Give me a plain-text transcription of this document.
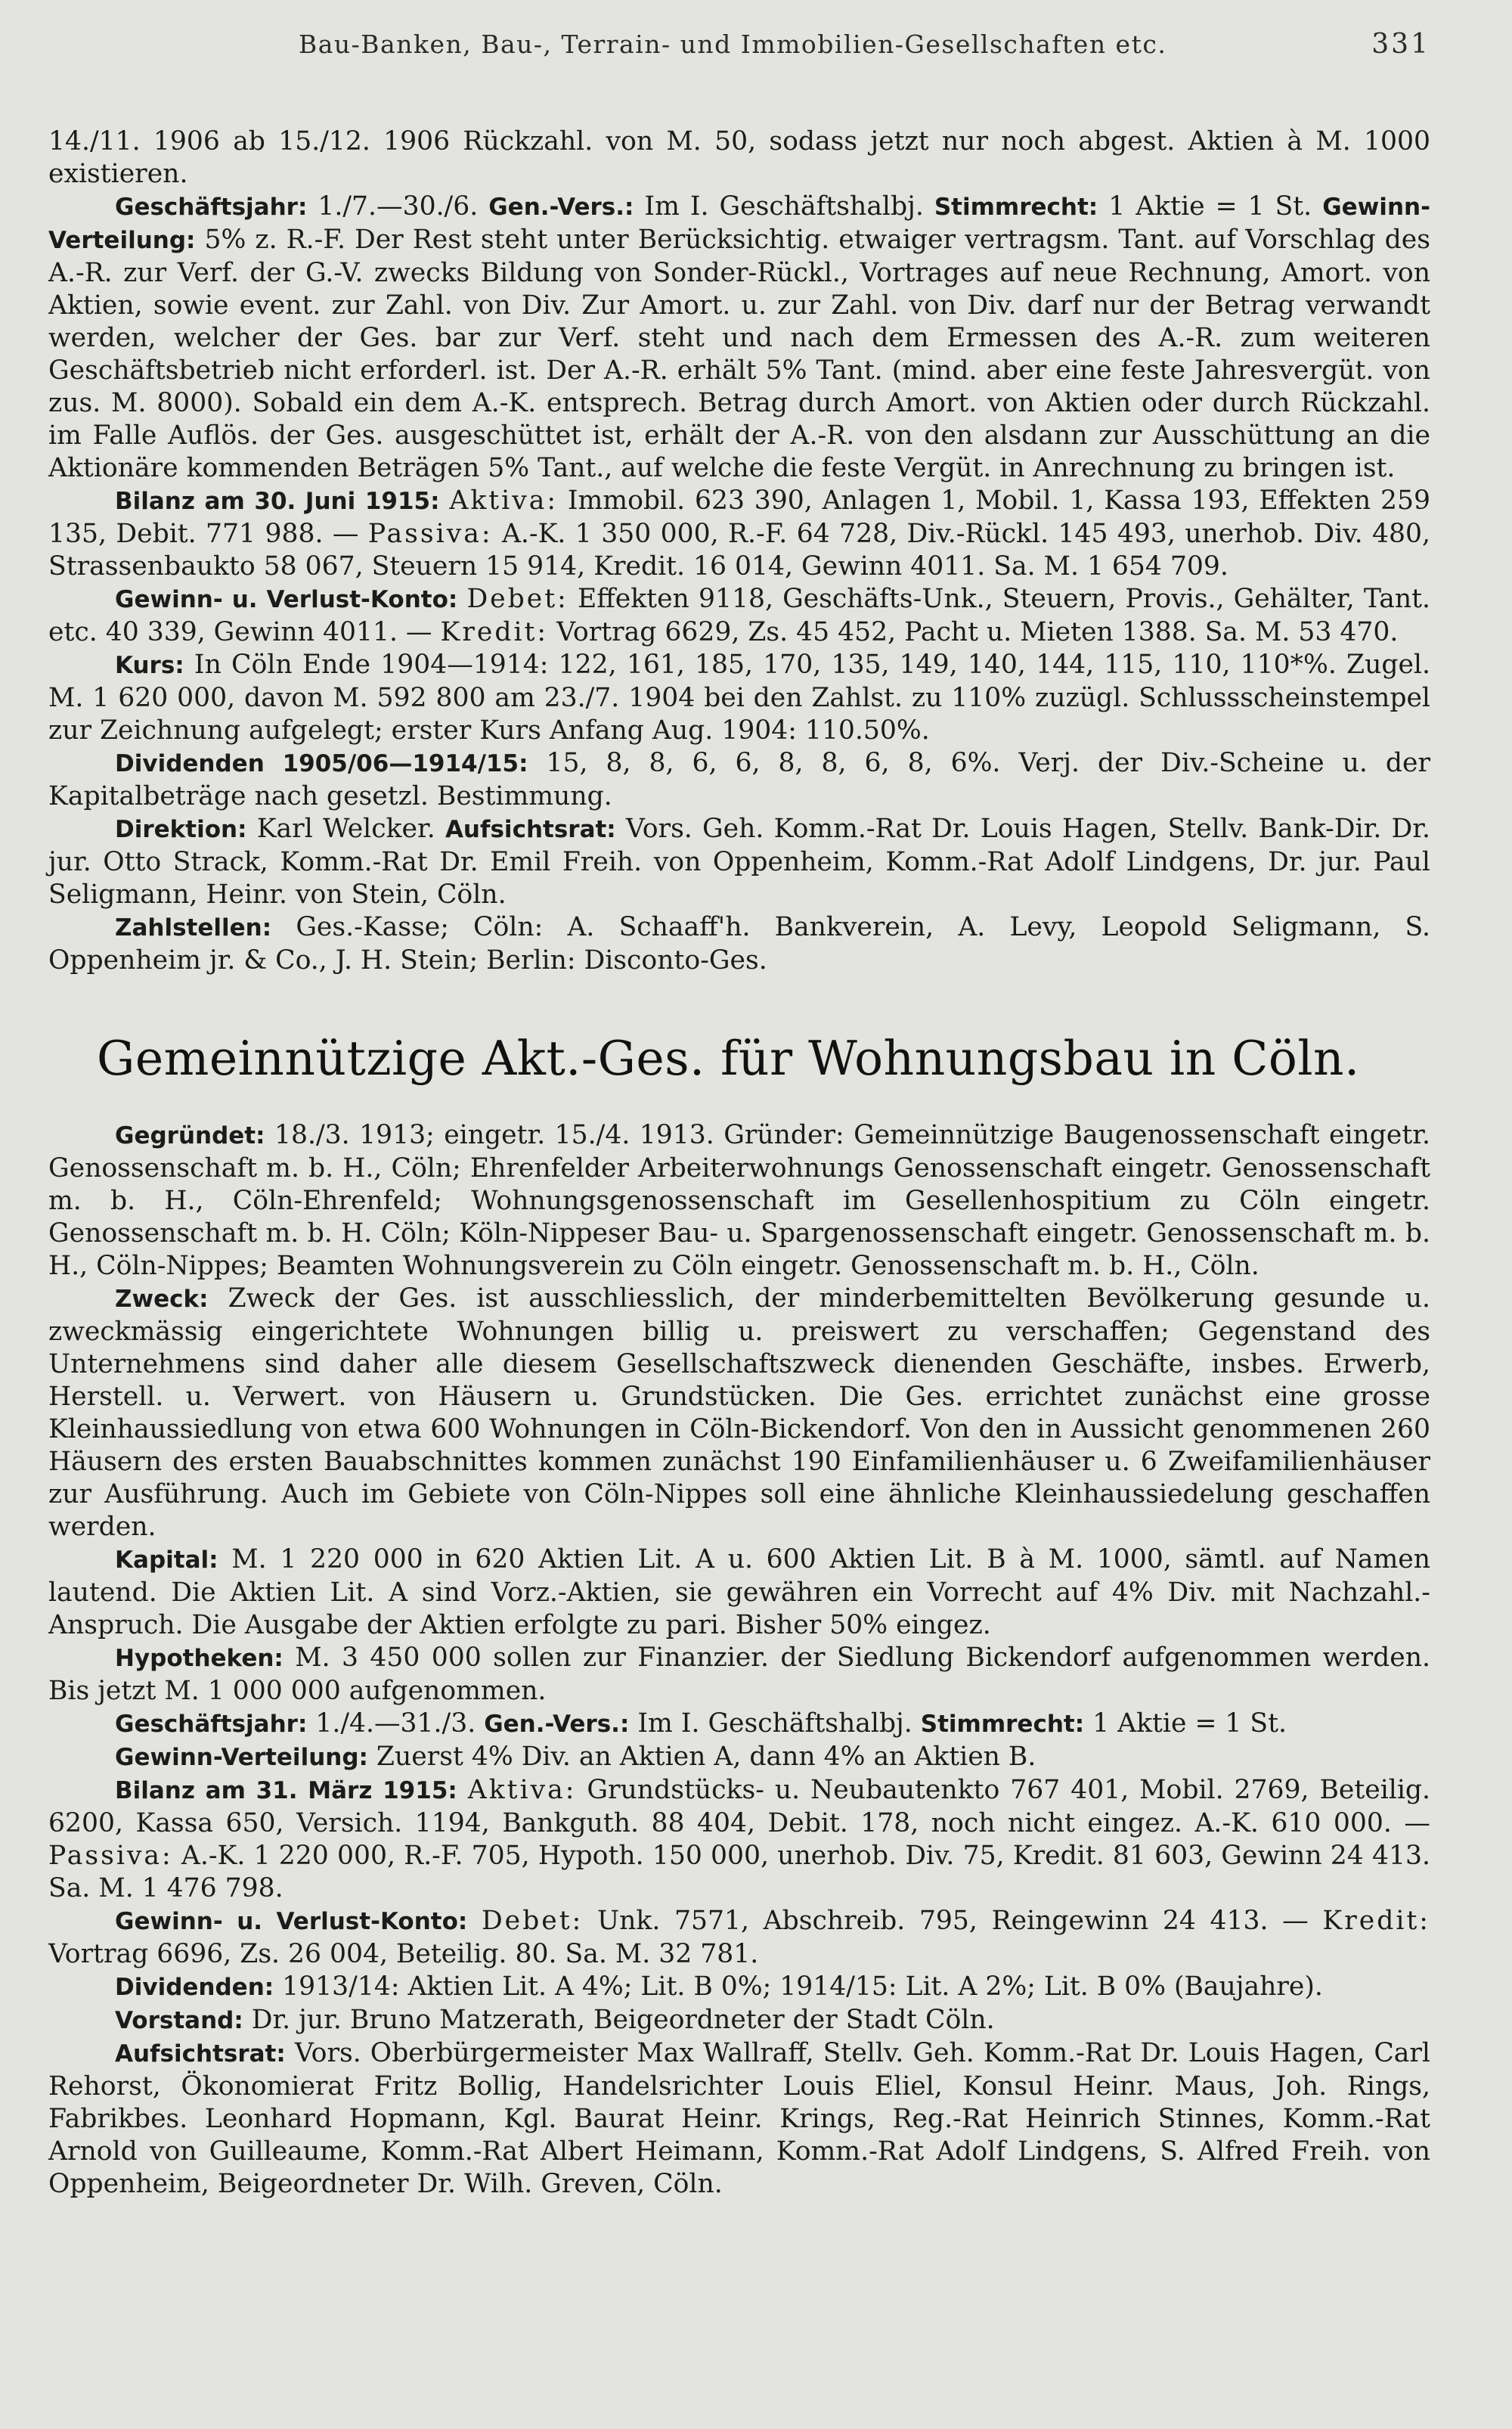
Bau-Banken, Bau-, Terrain- und Immobilien-Gesellschaften etc.	331

14./11. 1906 ab 15./12. 1906 Rückzahl. von M. 50, sodass jetzt nur noch abgest. Aktien à M. 1000 existieren.

Geschäftsjahr: 1./7.—30./6. Gen.-Vers.: Im I. Geschäftshalbj. Stimmrecht: 1 Aktie = 1 St. Gewinn-Verteilung: 5% z. R.-F. Der Rest steht unter Berücksichtig. etwaiger vertragsm. Tant. auf Vorschlag des A.-R. zur Verf. der G.-V. zwecks Bildung von Sonder-Rückl., Vortrages auf neue Rechnung, Amort. von Aktien, sowie event. zur Zahl. von Div. Zur Amort. u. zur Zahl. von Div. darf nur der Betrag verwandt werden, welcher der Ges. bar zur Verf. steht und nach dem Ermessen des A.-R. zum weiteren Geschäftsbetrieb nicht erforderl. ist. Der A.-R. erhält 5% Tant. (mind. aber eine feste Jahresvergüt. von zus. M. 8000). Sobald ein dem A.-K. entsprech. Betrag durch Amort. von Aktien oder durch Rückzahl. im Falle Auflös. der Ges. ausgeschüttet ist, erhält der A.-R. von den alsdann zur Ausschüttung an die Aktionäre kommenden Beträgen 5% Tant., auf welche die feste Vergüt. in Anrechnung zu bringen ist.

Bilanz am 30. Juni 1915: Aktiva: Immobil. 623 390, Anlagen 1, Mobil. 1, Kassa 193, Effekten 259 135, Debit. 771 988. — Passiva: A.-K. 1 350 000, R.-F. 64 728, Div.-Rückl. 145 493, unerhob. Div. 480, Strassenbaukto 58 067, Steuern 15 914, Kredit. 16 014, Gewinn 4011. Sa. M. 1 654 709.

Gewinn- u. Verlust-Konto: Debet: Effekten 9118, Geschäfts-Unk., Steuern, Provis., Gehälter, Tant. etc. 40 339, Gewinn 4011. — Kredit: Vortrag 6629, Zs. 45 452, Pacht u. Mieten 1388. Sa. M. 53 470.

Kurs: In Cöln Ende 1904—1914: 122, 161, 185, 170, 135, 149, 140, 144, 115, 110, 110*%. Zugel. M. 1 620 000, davon M. 592 800 am 23./7. 1904 bei den Zahlst. zu 110% zuzügl. Schlussscheinstempel zur Zeichnung aufgelegt; erster Kurs Anfang Aug. 1904: 110.50%.

Dividenden 1905/06—1914/15: 15, 8, 8, 6, 6, 8, 8, 6, 8, 6%. Verj. der Div.-Scheine u. der Kapitalbeträge nach gesetzl. Bestimmung.

Direktion: Karl Welcker. Aufsichtsrat: Vors. Geh. Komm.-Rat Dr. Louis Hagen, Stellv. Bank-Dir. Dr. jur. Otto Strack, Komm.-Rat Dr. Emil Freih. von Oppenheim, Komm.-Rat Adolf Lindgens, Dr. jur. Paul Seligmann, Heinr. von Stein, Cöln.

Zahlstellen: Ges.-Kasse; Cöln: A. Schaaff'h. Bankverein, A. Levy, Leopold Seligmann, S. Oppenheim jr. & Co., J. H. Stein; Berlin: Disconto-Ges.

Gemeinnützige Akt.-Ges. für Wohnungsbau in Cöln.

Gegründet: 18./3. 1913; eingetr. 15./4. 1913. Gründer: Gemeinnützige Baugenossenschaft eingetr. Genossenschaft m. b. H., Cöln; Ehrenfelder Arbeiterwohnungs Genossenschaft eingetr. Genossenschaft m. b. H., Cöln-Ehrenfeld; Wohnungsgenossenschaft im Gesellenhospitium zu Cöln eingetr. Genossenschaft m. b. H. Cöln; Köln-Nippeser Bau- u. Spargenossenschaft eingetr. Genossenschaft m. b. H., Cöln-Nippes; Beamten Wohnungsverein zu Cöln eingetr. Genossenschaft m. b. H., Cöln.

Zweck: Zweck der Ges. ist ausschliesslich, der minderbemittelten Bevölkerung gesunde u. zweckmässig eingerichtete Wohnungen billig u. preiswert zu verschaffen; Gegenstand des Unternehmens sind daher alle diesem Gesellschaftszweck dienenden Geschäfte, insbes. Erwerb, Herstell. u. Verwert. von Häusern u. Grundstücken. Die Ges. errichtet zunächst eine grosse Kleinhaussiedlung von etwa 600 Wohnungen in Cöln-Bickendorf. Von den in Aussicht genommenen 260 Häusern des ersten Bauabschnittes kommen zunächst 190 Einfamilienhäuser u. 6 Zweifamilienhäuser zur Ausführung. Auch im Gebiete von Cöln-Nippes soll eine ähnliche Kleinhaussiedelung geschaffen werden.

Kapital: M. 1 220 000 in 620 Aktien Lit. A u. 600 Aktien Lit. B à M. 1000, sämtl. auf Namen lautend. Die Aktien Lit. A sind Vorz.-Aktien, sie gewähren ein Vorrecht auf 4% Div. mit Nachzahl.-Anspruch. Die Ausgabe der Aktien erfolgte zu pari. Bisher 50% eingez.

Hypotheken: M. 3 450 000 sollen zur Finanzier. der Siedlung Bickendorf aufgenommen werden. Bis jetzt M. 1 000 000 aufgenommen.

Geschäftsjahr: 1./4.—31./3. Gen.-Vers.: Im I. Geschäftshalbj. Stimmrecht: 1 Aktie = 1 St.

Gewinn-Verteilung: Zuerst 4% Div. an Aktien A, dann 4% an Aktien B.

Bilanz am 31. März 1915: Aktiva: Grundstücks- u. Neubautenkto 767 401, Mobil. 2769, Beteilig. 6200, Kassa 650, Versich. 1194, Bankguth. 88 404, Debit. 178, noch nicht eingez. A.-K. 610 000. — Passiva: A.-K. 1 220 000, R.-F. 705, Hypoth. 150 000, unerhob. Div. 75, Kredit. 81 603, Gewinn 24 413. Sa. M. 1 476 798.

Gewinn- u. Verlust-Konto: Debet: Unk. 7571, Abschreib. 795, Reingewinn 24 413. — Kredit: Vortrag 6696, Zs. 26 004, Beteilig. 80. Sa. M. 32 781.

Dividenden: 1913/14: Aktien Lit. A 4%; Lit. B 0%; 1914/15: Lit. A 2%; Lit. B 0% (Baujahre).

Vorstand: Dr. jur. Bruno Matzerath, Beigeordneter der Stadt Cöln.

Aufsichtsrat: Vors. Oberbürgermeister Max Wallraff, Stellv. Geh. Komm.-Rat Dr. Louis Hagen, Carl Rehorst, Ökonomierat Fritz Bollig, Handelsrichter Louis Eliel, Konsul Heinr. Maus, Joh. Rings, Fabrikbes. Leonhard Hopmann, Kgl. Baurat Heinr. Krings, Reg.-Rat Heinrich Stinnes, Komm.-Rat Arnold von Guilleaume, Komm.-Rat Albert Heimann, Komm.-Rat Adolf Lindgens, S. Alfred Freih. von Oppenheim, Beigeordneter Dr. Wilh. Greven, Cöln.
